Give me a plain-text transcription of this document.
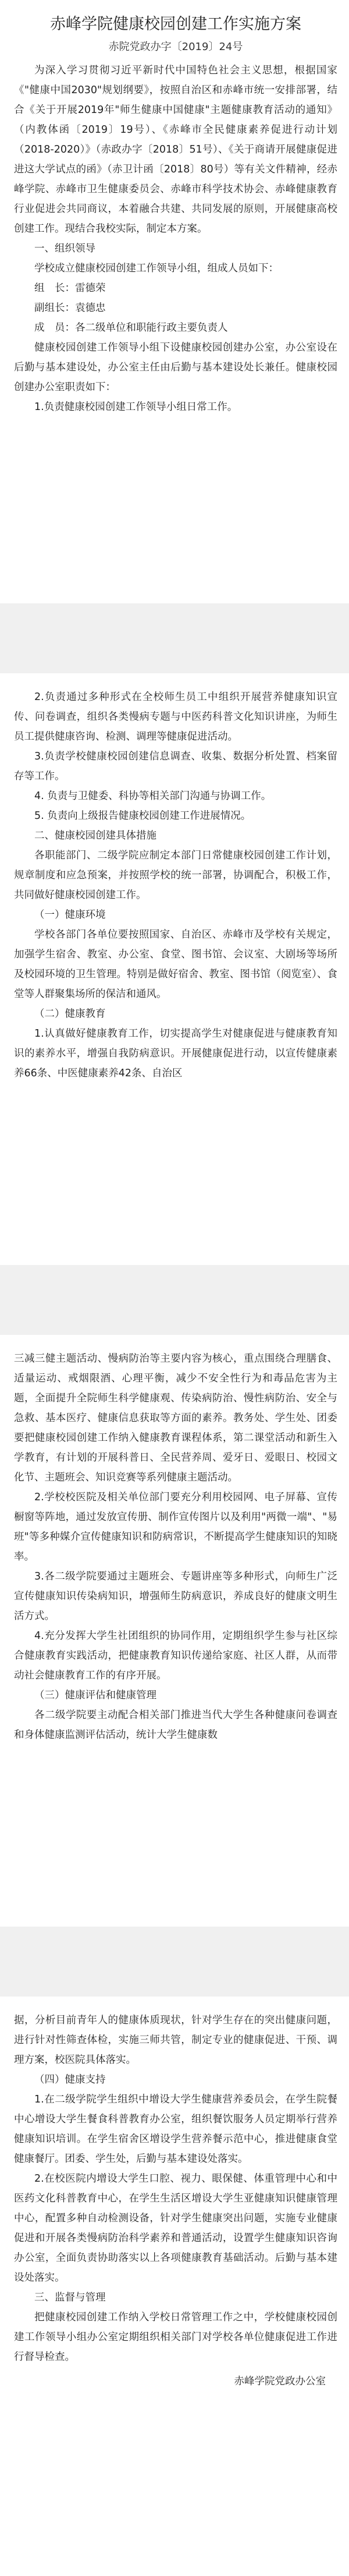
赤峰学院健康校园创建工作实施方案
赤院党政办字〔2019〕24号

为深入学习贯彻习近平新时代中国特色社会主义思想，根据国家《"健康中国2030"规划纲要》，按照自治区和赤峰市统一安排部署，结合《关于开展2019年"师生健康中国健康"主题健康教育活动的通知》（内教体函〔2019〕19号）、《赤峰市全民健康素养促进行动计划（2018-2020）》（赤政办字〔2018〕51号）、《关于商请开展健康促进进这大学试点的函》（赤卫计函〔2018〕80号）等有关文件精神，经赤峰学院、赤峰市卫生健康委员会、赤峰市科学技术协会、赤峰健康教育行业促进会共同商议，本着融合共建、共同发展的原则，开展健康高校创建工作。现结合我校实际，制定本方案。

一、组织领导

学校成立健康校园创建工作领导小组，组成人员如下：

组　长：雷德荣

副组长：袁德忠

成　员：各二级单位和职能行政主要负责人

健康校园创建工作领导小组下设健康校园创建办公室，办公室设在后勤与基本建设处，办公室主任由后勤与基本建设处长兼任。健康校园创建办公室职责如下：

1.负责健康校园创建工作领导小组日常工作。

2.负责通过多种形式在全校师生员工中组织开展营养健康知识宣传、问卷调查，组织各类慢病专题与中医药科普文化知识讲座，为师生员工提供健康咨询、检测、调理等健康促进活动。

3.负责学校健康校园创建信息调查、收集、数据分析处置、档案留存等工作。

4. 负责与卫健委、科协等相关部门沟通与协调工作。

5. 负责向上级报告健康校园创建工作进展情况。

二、健康校园创建具体措施

各职能部门、二级学院应制定本部门日常健康校园创建工作计划，规章制度和应急预案，并按照学校的统一部署，协调配合，积极工作，共同做好健康校园创建工作。

（一）健康环境

学校各部门各单位要按照国家、自治区、赤峰市及学校有关规定，加强学生宿舍、教室、办公室、食堂、图书馆、会议室、大剧场等场所及校园环境的卫生管理。特别是做好宿舍、教室、图书馆（阅览室）、食堂等人群聚集场所的保洁和通风。

（二）健康教育

1.认真做好健康教育工作，切实提高学生对健康促进与健康教育知识的素养水平，增强自我防病意识。开展健康促进行动，以宣传健康素养66条、中医健康素养42条、自治区

三减三健主题活动、慢病防治等主要内容为核心，重点围绕合理膳食、适量运动、戒烟限酒、心理平衡，减少不安全性行为和毒品危害为主题，全面提升全院师生科学健康观、传染病防治、慢性病防治、安全与急救、基本医疗、健康信息获取等方面的素养。教务处、学生处、团委要把健康校园创建工作纳入健康教育课程体系，第二课堂活动和新生入学教育，有计划的开展科普日、全民营养周、爱牙日、爱眼日、校园文化节、主题班会、知识竞赛等系列健康主题活动。

2.学校校医院及相关单位部门要充分利用校园网、电子屏幕、宣传橱窗等阵地，通过发放宣传册、制作宣传图片以及利用"两微一端"、"易班"等多种媒介宣传健康知识和防病常识，不断提高学生健康知识的知晓率。

3.各二级学院要通过主题班会、专题讲座等多种形式，向师生广泛宣传健康知识传染病知识，增强师生防病意识，养成良好的健康文明生活方式。

4.充分发挥大学生社团组织的协同作用，定期组织学生参与社区综合健康教育实践活动，把健康教育知识传递给家庭、社区人群，从而带动社会健康教育工作的有序开展。

（三）健康评估和健康管理

各二级学院要主动配合相关部门推进当代大学生各种健康问卷调查和身体健康监测评估活动，统计大学生健康数

据，分析目前青年人的健康体质现状，针对学生存在的突出健康问题，进行针对性筛查体检，实施三师共管，制定专业的健康促进、干预、调理方案，校医院具体落实。

（四）健康支持

1.在二级学院学生组织中增设大学生健康营养委员会，在学生院餐中心增设大学生餐食科普教育办公室，组织餐饮服务人员定期举行营养健康知识培训。在学生宿舍区增设学生营养餐示范中心，推进健康食堂健康餐厅。团委、学生处，后勤与基本建设处落实。

2.在校医院内增设大学生口腔、视力、眼保健、体重管理中心和中医药文化科普教育中心，在学生生活区增设大学生亚健康知识健康管理中心，配置多种自动检测设备，针对学生健康突出问题，实施专业健康促进和开展各类慢病防治科学素养和普通活动，设置学生健康知识咨询办公室，全面负责协助落实以上各项健康教育基础活动。后勤与基本建设处落实。

三、监督与管理

把健康校园创建工作纳入学校日常管理工作之中，学校健康校园创建工作领导小组办公室定期组织相关部门对学校各单位健康促进工作进行督导检查。

赤峰学院党政办公室
